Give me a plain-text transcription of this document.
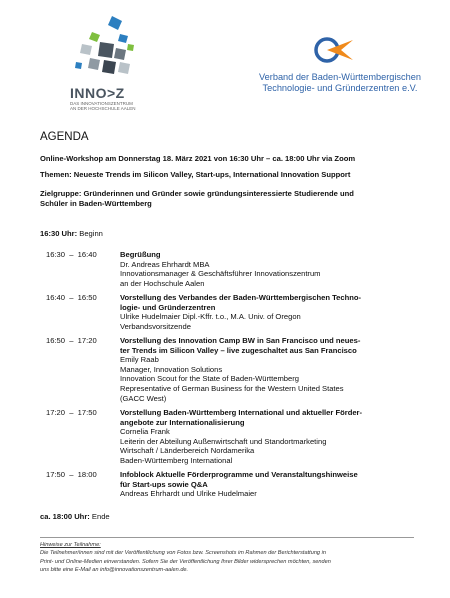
INNO>Z
DAS INNOVATIONSZENTRUM
AN DER HOCHSCHULE AALEN
Verband der Baden-Württembergischen
Technologie- und Gründerzentren e.V.
AGENDA
Online-Workshop am Donnerstag 18. März 2021 von 16:30 Uhr – ca. 18:00 Uhr via Zoom
Themen: Neueste Trends im Silicon Valley, Start-ups, International Innovation Support
Zielgruppe: Gründerinnen und Gründer sowie gründungsinteressierte Studierende und
Schüler in Baden-Württemberg
16:30 Uhr: Beginn
16:30  –  16:40	Begrüßung
Dr. Andreas Ehrhardt MBA
Innovationsmanager & Geschäftsführer Innovationszentrum
an der Hochschule Aalen
16:40  –  16:50	Vorstellung des Verbandes der Baden-Württembergischen Techno-
logie- und Gründerzentren
Ulrike Hudelmaier Dipl.-Kffr. t.o., M.A. Univ. of Oregon
Verbandsvorsitzende
16:50  –  17:20	Vorstellung des Innovation Camp BW in San Francisco und neues-
ter Trends im Silicon Valley – live zugeschaltet aus San Francisco
Emily Raab
Manager, Innovation Solutions
Innovation Scout for the State of Baden-Württemberg
Representative of German Business for the Western United States
(GACC West)
17:20  –  17:50	Vorstellung Baden-Württemberg International und aktueller Förder-
angebote zur Internationalisierung
Cornelia Frank
Leiterin der Abteilung Außenwirtschaft und Standortmarketing
Wirtschaft / Länderbereich Nordamerika
Baden-Württemberg International
17:50  –  18:00	Infoblock Aktuelle Förderprogramme und Veranstaltungshinweise
für Start-ups sowie Q&A
Andreas Ehrhardt und Ulrike Hudelmaier
ca. 18:00 Uhr: Ende
Hinweise zur Teilnahme:
Die Teilnehmer/innen sind mit der Veröffentlichung von Fotos bzw. Screenshots im Rahmen der Berichterstattung in
Print- und Online-Medien einverstanden. Sofern Sie der Veröffentlichung Ihrer Bilder widersprechen möchten, senden
uns bitte eine E-Mail an info@innovationszentrum-aalen.de.
